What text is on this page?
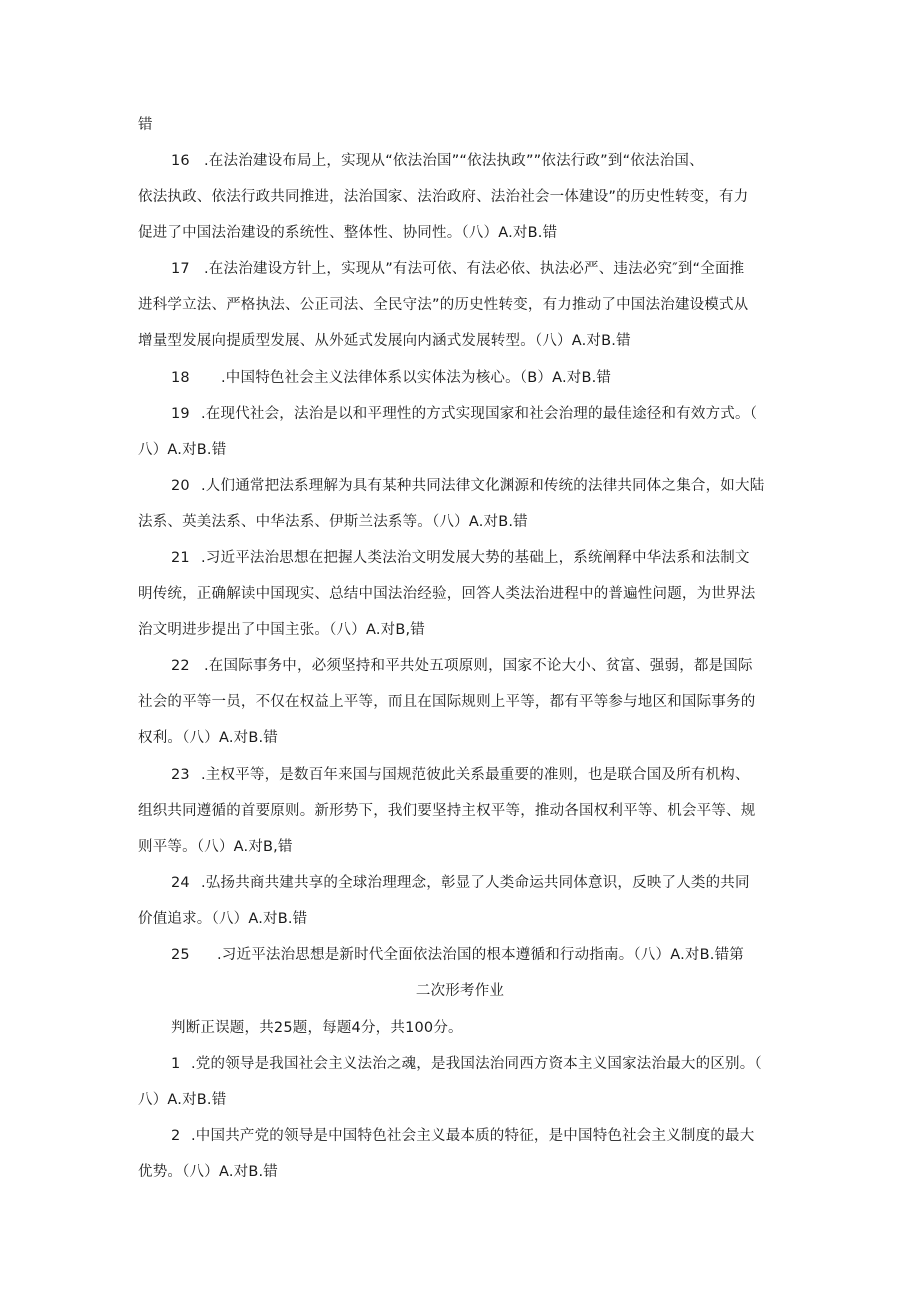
错
16 .在法治建设布局上，实现从“依法治国”“依法执政””依法行政”到“依法治国、
依法执政、依法行政共同推进，法治国家、法治政府、法治社会一体建设”的历史性转变，有力
促进了中国法治建设的系统性、整体性、协同性。（八）A.对B.错
17 .在法治建设方针上，实现从”有法可依、有法必依、执法必严、违法必究″到“全面推
进科学立法、严格执法、公正司法、全民守法”的历史性转变，有力推动了中国法治建设模式从
增量型发展向提质型发展、从外延式发展向内涵式发展转型。（八）A.对B.错
18 .中国特色社会主义法律体系以实体法为核心。（B）A.对B.错
19 .在现代社会，法治是以和平理性的方式实现国家和社会治理的最佳途径和有效方式。（
八）A.对B.错
20 .人们通常把法系理解为具有某种共同法律文化渊源和传统的法律共同体之集合，如大陆
法系、英美法系、中华法系、伊斯兰法系等。（八）A.对B.错
21 .习近平法治思想在把握人类法治文明发展大势的基础上，系统阐释中华法系和法制文
明传统，正确解读中国现实、总结中国法治经验，回答人类法治进程中的普遍性问题，为世界法
治文明进步提出了中国主张。（八）A.对B,错
22 .在国际事务中，必须坚持和平共处五项原则，国家不论大小、贫富、强弱，都是国际
社会的平等一员，不仅在权益上平等，而且在国际规则上平等，都有平等参与地区和国际事务的
权利。（八）A.对B.错
23 .主权平等，是数百年来国与国规范彼此关系最重要的准则，也是联合国及所有机构、
组织共同遵循的首要原则。新形势下，我们要坚持主权平等，推动各国权利平等、机会平等、规
则平等。（八）A.对B,错
24 .弘扬共商共建共享的全球治理理念，彰显了人类命运共同体意识，反映了人类的共同
价值追求。（八）A.对B.错
25 .习近平法治思想是新时代全面依法治国的根本遵循和行动指南。（八）A.对B.错第
二次形考作业
判断正误题，共25题，每题4分，共100分。
1 .党的领导是我国社会主义法治之魂，是我国法治同西方资本主义国家法治最大的区别。（
八）A.对B.错
2 .中国共产党的领导是中国特色社会主义最本质的特征，是中国特色社会主义制度的最大
优势。（八）A.对B.错
